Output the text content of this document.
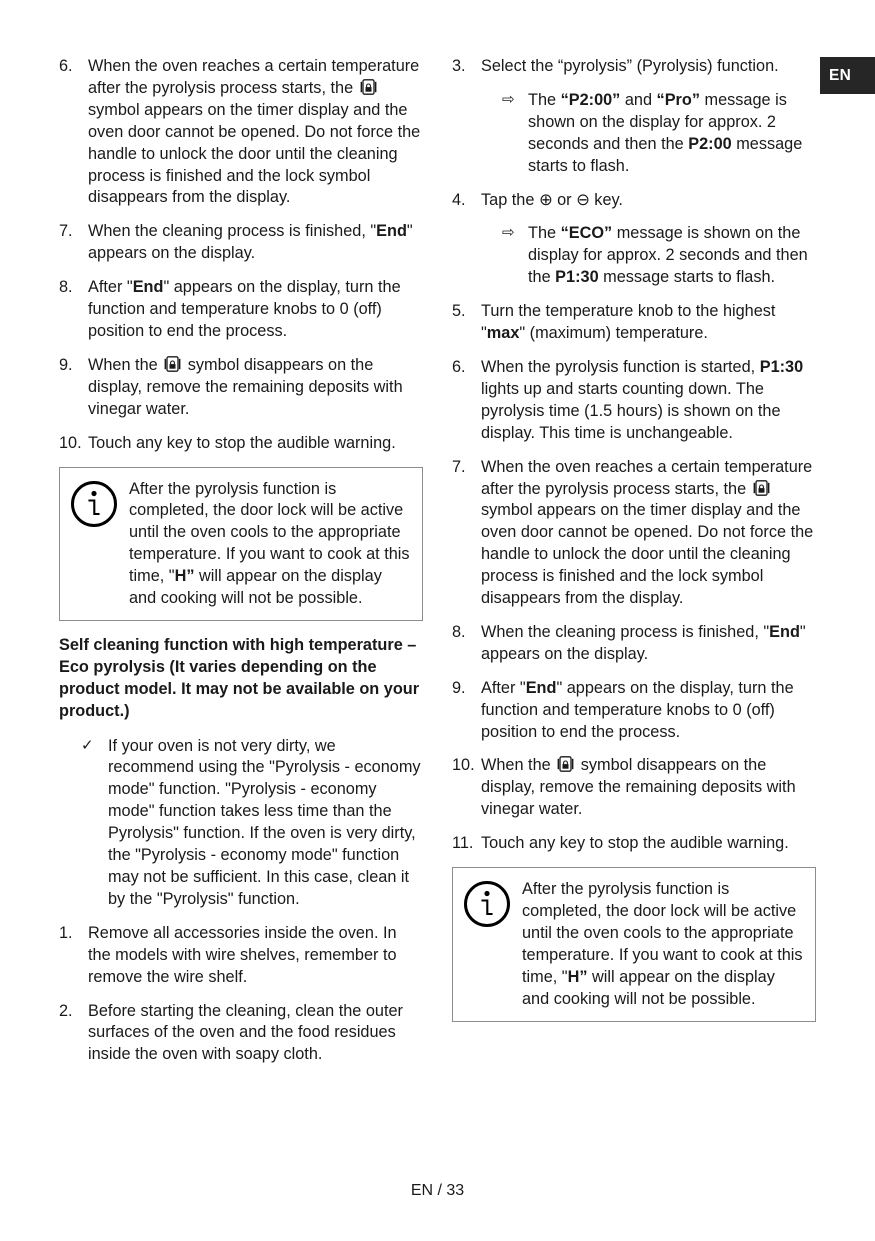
EN
6. When the oven reaches a certain temperature after the pyrolysis process starts, the  symbol appears on the timer display and the oven door cannot be opened. Do not force the handle to unlock the door until the cleaning process is finished and the lock symbol disappears from the display.
7. When the cleaning process is finished, "End" appears on the display.
8. After "End" appears on the display, turn the function and temperature knobs to 0 (off) position to end the process.
9. When the  symbol disappears on the display, remove the remaining deposits with vinegar water.
10. Touch any key to stop the audible warning.
After the pyrolysis function is completed, the door lock will be active until the oven cools to the appropriate temperature. If you want to cook at this time, "H” will appear on the display and cooking will not be possible.
Self cleaning function with high temperature – Eco pyrolysis (It varies depending on the product model. It may not be available on your product.)
✓ If your oven is not very dirty, we recommend using the "Pyrolysis - economy mode" function. "Pyrolysis - economy mode" function takes less time than the Pyrolysis" function. If the oven is very dirty, the "Pyrolysis - economy mode" function may not be sufficient. In this case, clean it by the "Pyrolysis" function.
1. Remove all accessories inside the oven. In the models with wire shelves, remember to remove the wire shelf.
2. Before starting the cleaning, clean the outer surfaces of the oven and the food residues inside the oven with soapy cloth.
3. Select the “pyrolysis” (Pyrolysis) function.
⇨ The “P2:00” and “Pro” message is shown on the display for approx. 2 seconds and then the P2:00 message starts to flash.
4. Tap the ⊕ or ⊖ key.
⇨ The “ECO” message is shown on the display for approx. 2 seconds and then the P1:30 message starts to flash.
5. Turn the temperature knob to the highest "max" (maximum) temperature.
6. When the pyrolysis function is started, P1:30 lights up and starts counting down. The pyrolysis time (1.5 hours) is shown on the display. This time is unchangeable.
7. When the oven reaches a certain temperature after the pyrolysis process starts, the  symbol appears on the timer display and the oven door cannot be opened. Do not force the handle to unlock the door until the cleaning process is finished and the lock symbol disappears from the display.
8. When the cleaning process is finished, "End" appears on the display.
9. After "End" appears on the display, turn the function and temperature knobs to 0 (off) position to end the process.
10. When the  symbol disappears on the display, remove the remaining deposits with vinegar water.
11. Touch any key to stop the audible warning.
After the pyrolysis function is completed, the door lock will be active until the oven cools to the appropriate temperature. If you want to cook at this time, "H” will appear on the display and cooking will not be possible.
EN / 33
